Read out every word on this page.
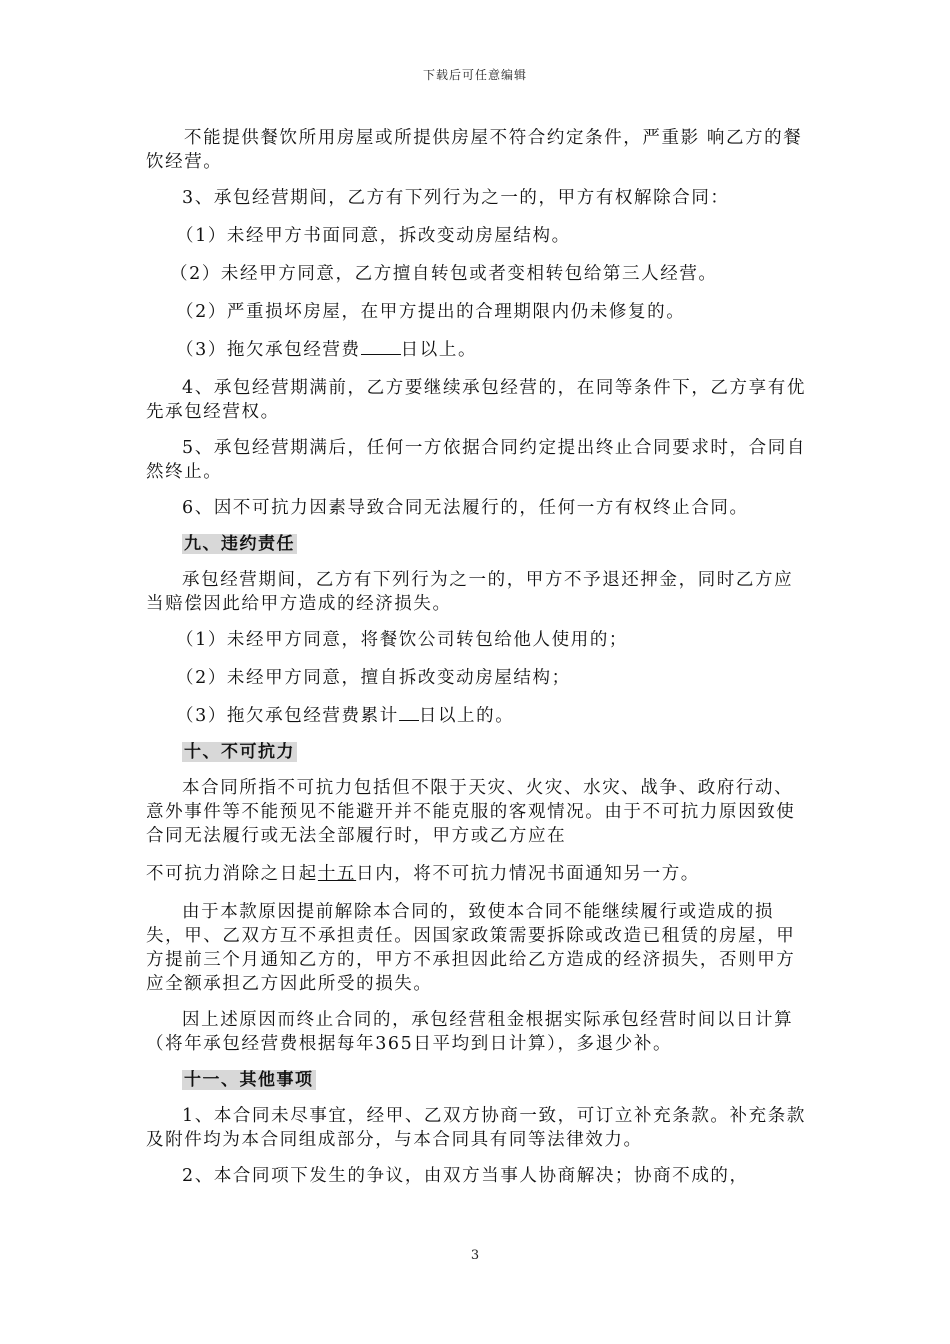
下载后可任意编辑

不能提供餐饮所用房屋或所提供房屋不符合约定条件，严重影 响乙方的餐饮经营。

3、承包经营期间，乙方有下列行为之一的，甲方有权解除合同：

（1）未经甲方书面同意，拆改变动房屋结构。

（2）未经甲方同意，乙方擅自转包或者变相转包给第三人经营。

（2）严重损坏房屋，在甲方提出的合理期限内仍未修复的。

（3）拖欠承包经营费 日以上。

4、承包经营期满前，乙方要继续承包经营的，在同等条件下，乙方享有优先承包经营权。

5、承包经营期满后，任何一方依据合同约定提出终止合同要求时，合同自然终止。

6、因不可抗力因素导致合同无法履行的，任何一方有权终止合同。

九、违约责任

承包经营期间，乙方有下列行为之一的，甲方不予退还押金，同时乙方应当赔偿因此给甲方造成的经济损失。

（1）未经甲方同意，将餐饮公司转包给他人使用的；

（2）未经甲方同意，擅自拆改变动房屋结构；

（3）拖欠承包经营费累计 日以上的。

十、不可抗力

本合同所指不可抗力包括但不限于天灾、火灾、水灾、战争、政府行动、意外事件等不能预见不能避开并不能克服的客观情况。由于不可抗力原因致使合同无法履行或无法全部履行时，甲方或乙方应在

不可抗力消除之日起十五日内，将不可抗力情况书面通知另一方。

由于本款原因提前解除本合同的，致使本合同不能继续履行或造成的损失，甲、乙双方互不承担责任。因国家政策需要拆除或改造已租赁的房屋，甲方提前三个月通知乙方的，甲方不承担因此给乙方造成的经济损失，否则甲方应全额承担乙方因此所受的损失。

因上述原因而终止合同的，承包经营租金根据实际承包经营时间以日计算（将年承包经营费根据每年365日平均到日计算），多退少补。

十一、其他事项

1、本合同未尽事宜，经甲、乙双方协商一致，可订立补充条款。补充条款及附件均为本合同组成部分，与本合同具有同等法律效力。

2、本合同项下发生的争议，由双方当事人协商解决；协商不成的，

3
